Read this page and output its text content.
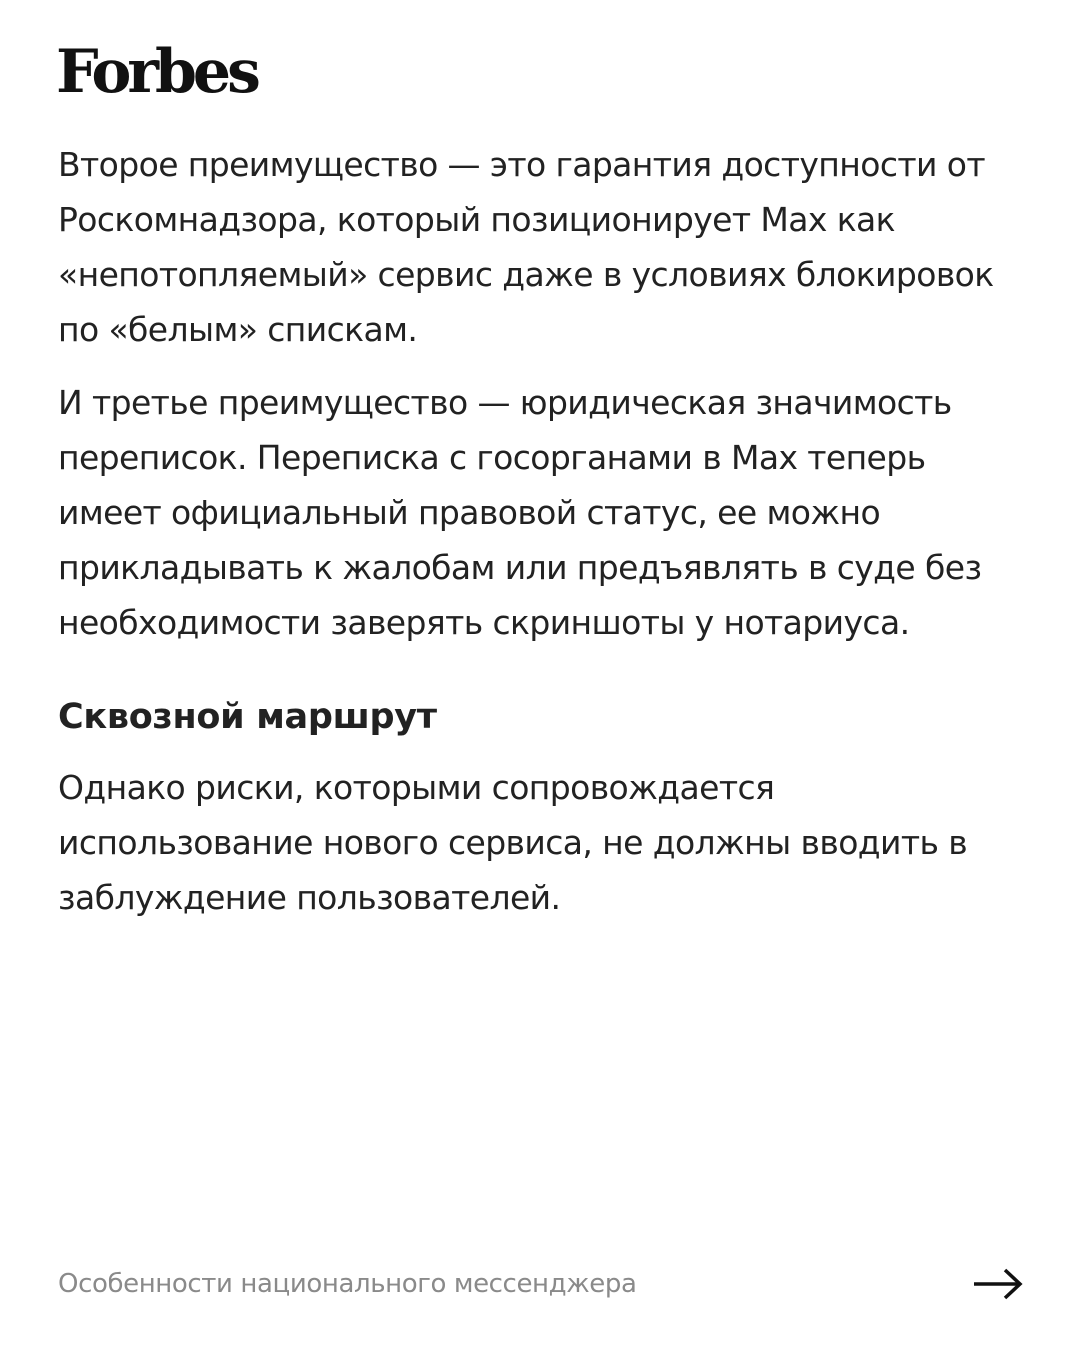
Forbes

Второе преимущество — это гарантия доступности от Роскомнадзора, который позиционирует Max как «непотопляемый» сервис даже в условиях блокировок по «белым» спискам.

И третье преимущество — юридическая значимость переписок. Переписка с госорганами в Max теперь имеет официальный правовой статус, ее можно прикладывать к жалобам или предъявлять в суде без необходимости заверять скриншоты у нотариуса.

Сквозной маршрут

Однако риски, которыми сопровождается использование нового сервиса, не должны вводить в заблуждение пользователей.

Особенности национального мессенджера
